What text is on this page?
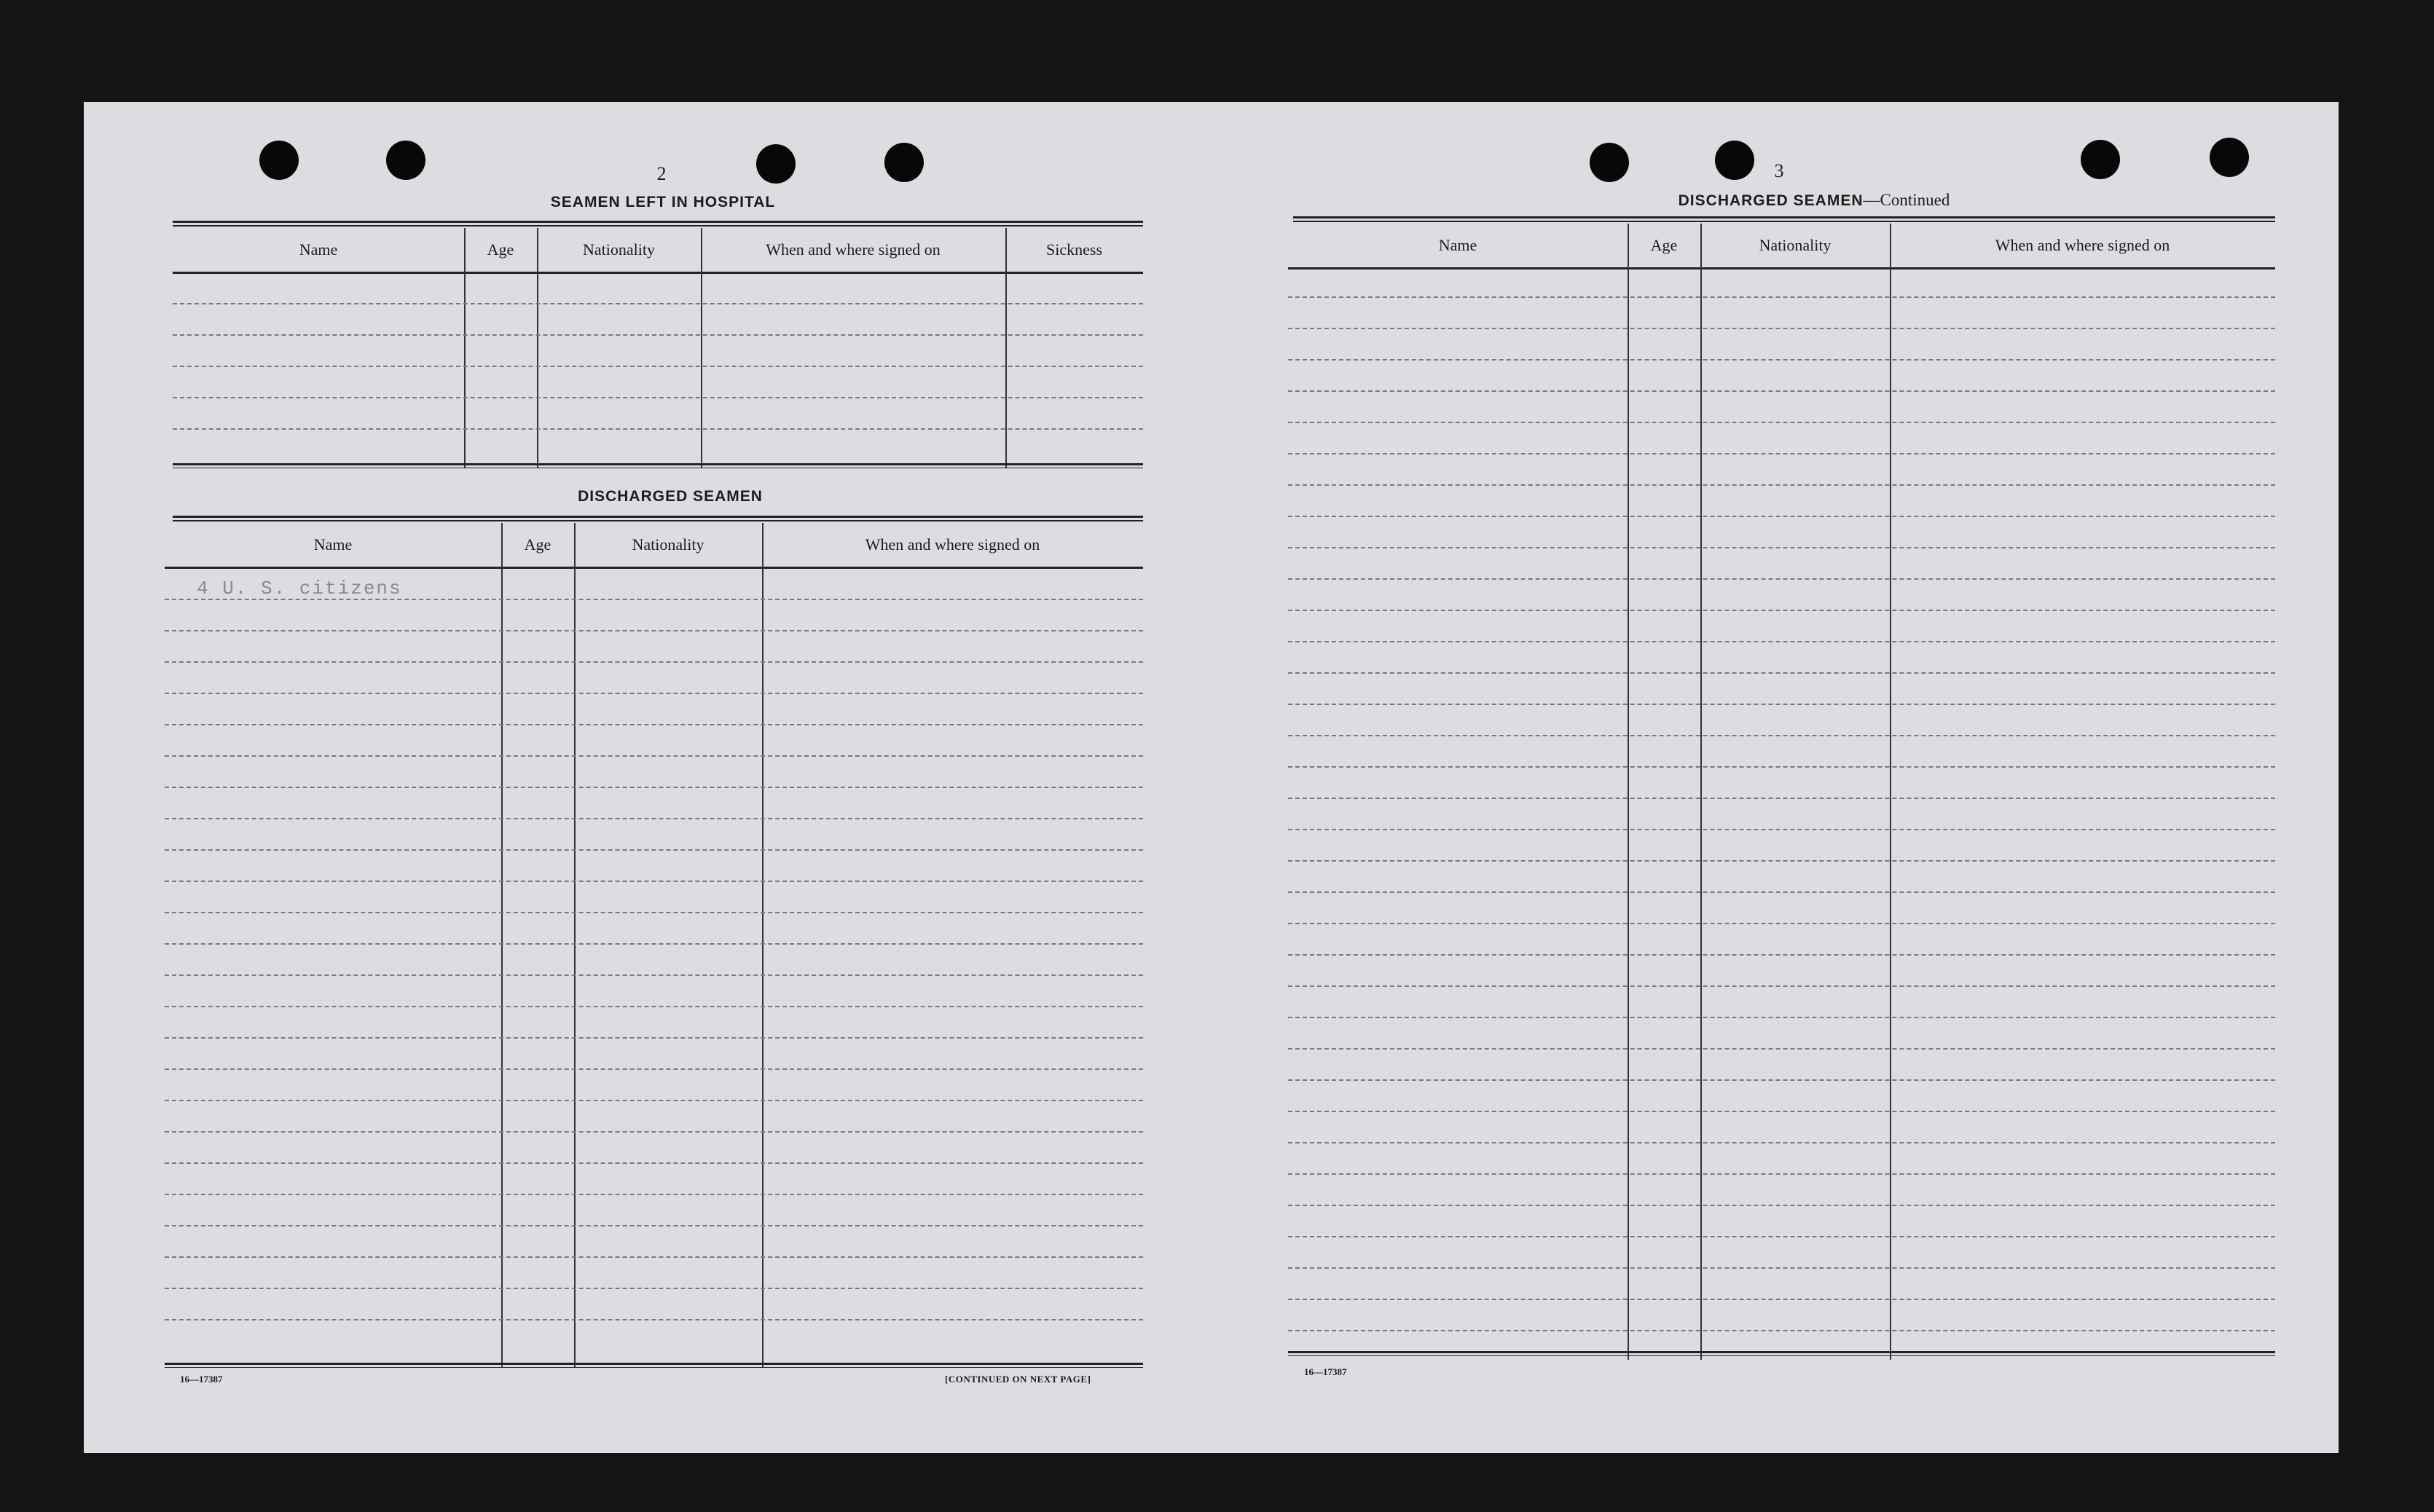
2
SEAMEN LEFT IN HOSPITAL
Name	Age	Nationality	When and where signed on	Sickness
DISCHARGED SEAMEN
Name	Age	Nationality	When and where signed on
4 U. S. citizens
16—17387	[CONTINUED ON NEXT PAGE]
3
DISCHARGED SEAMEN—Continued
Name	Age	Nationality	When and where signed on
16—17387
